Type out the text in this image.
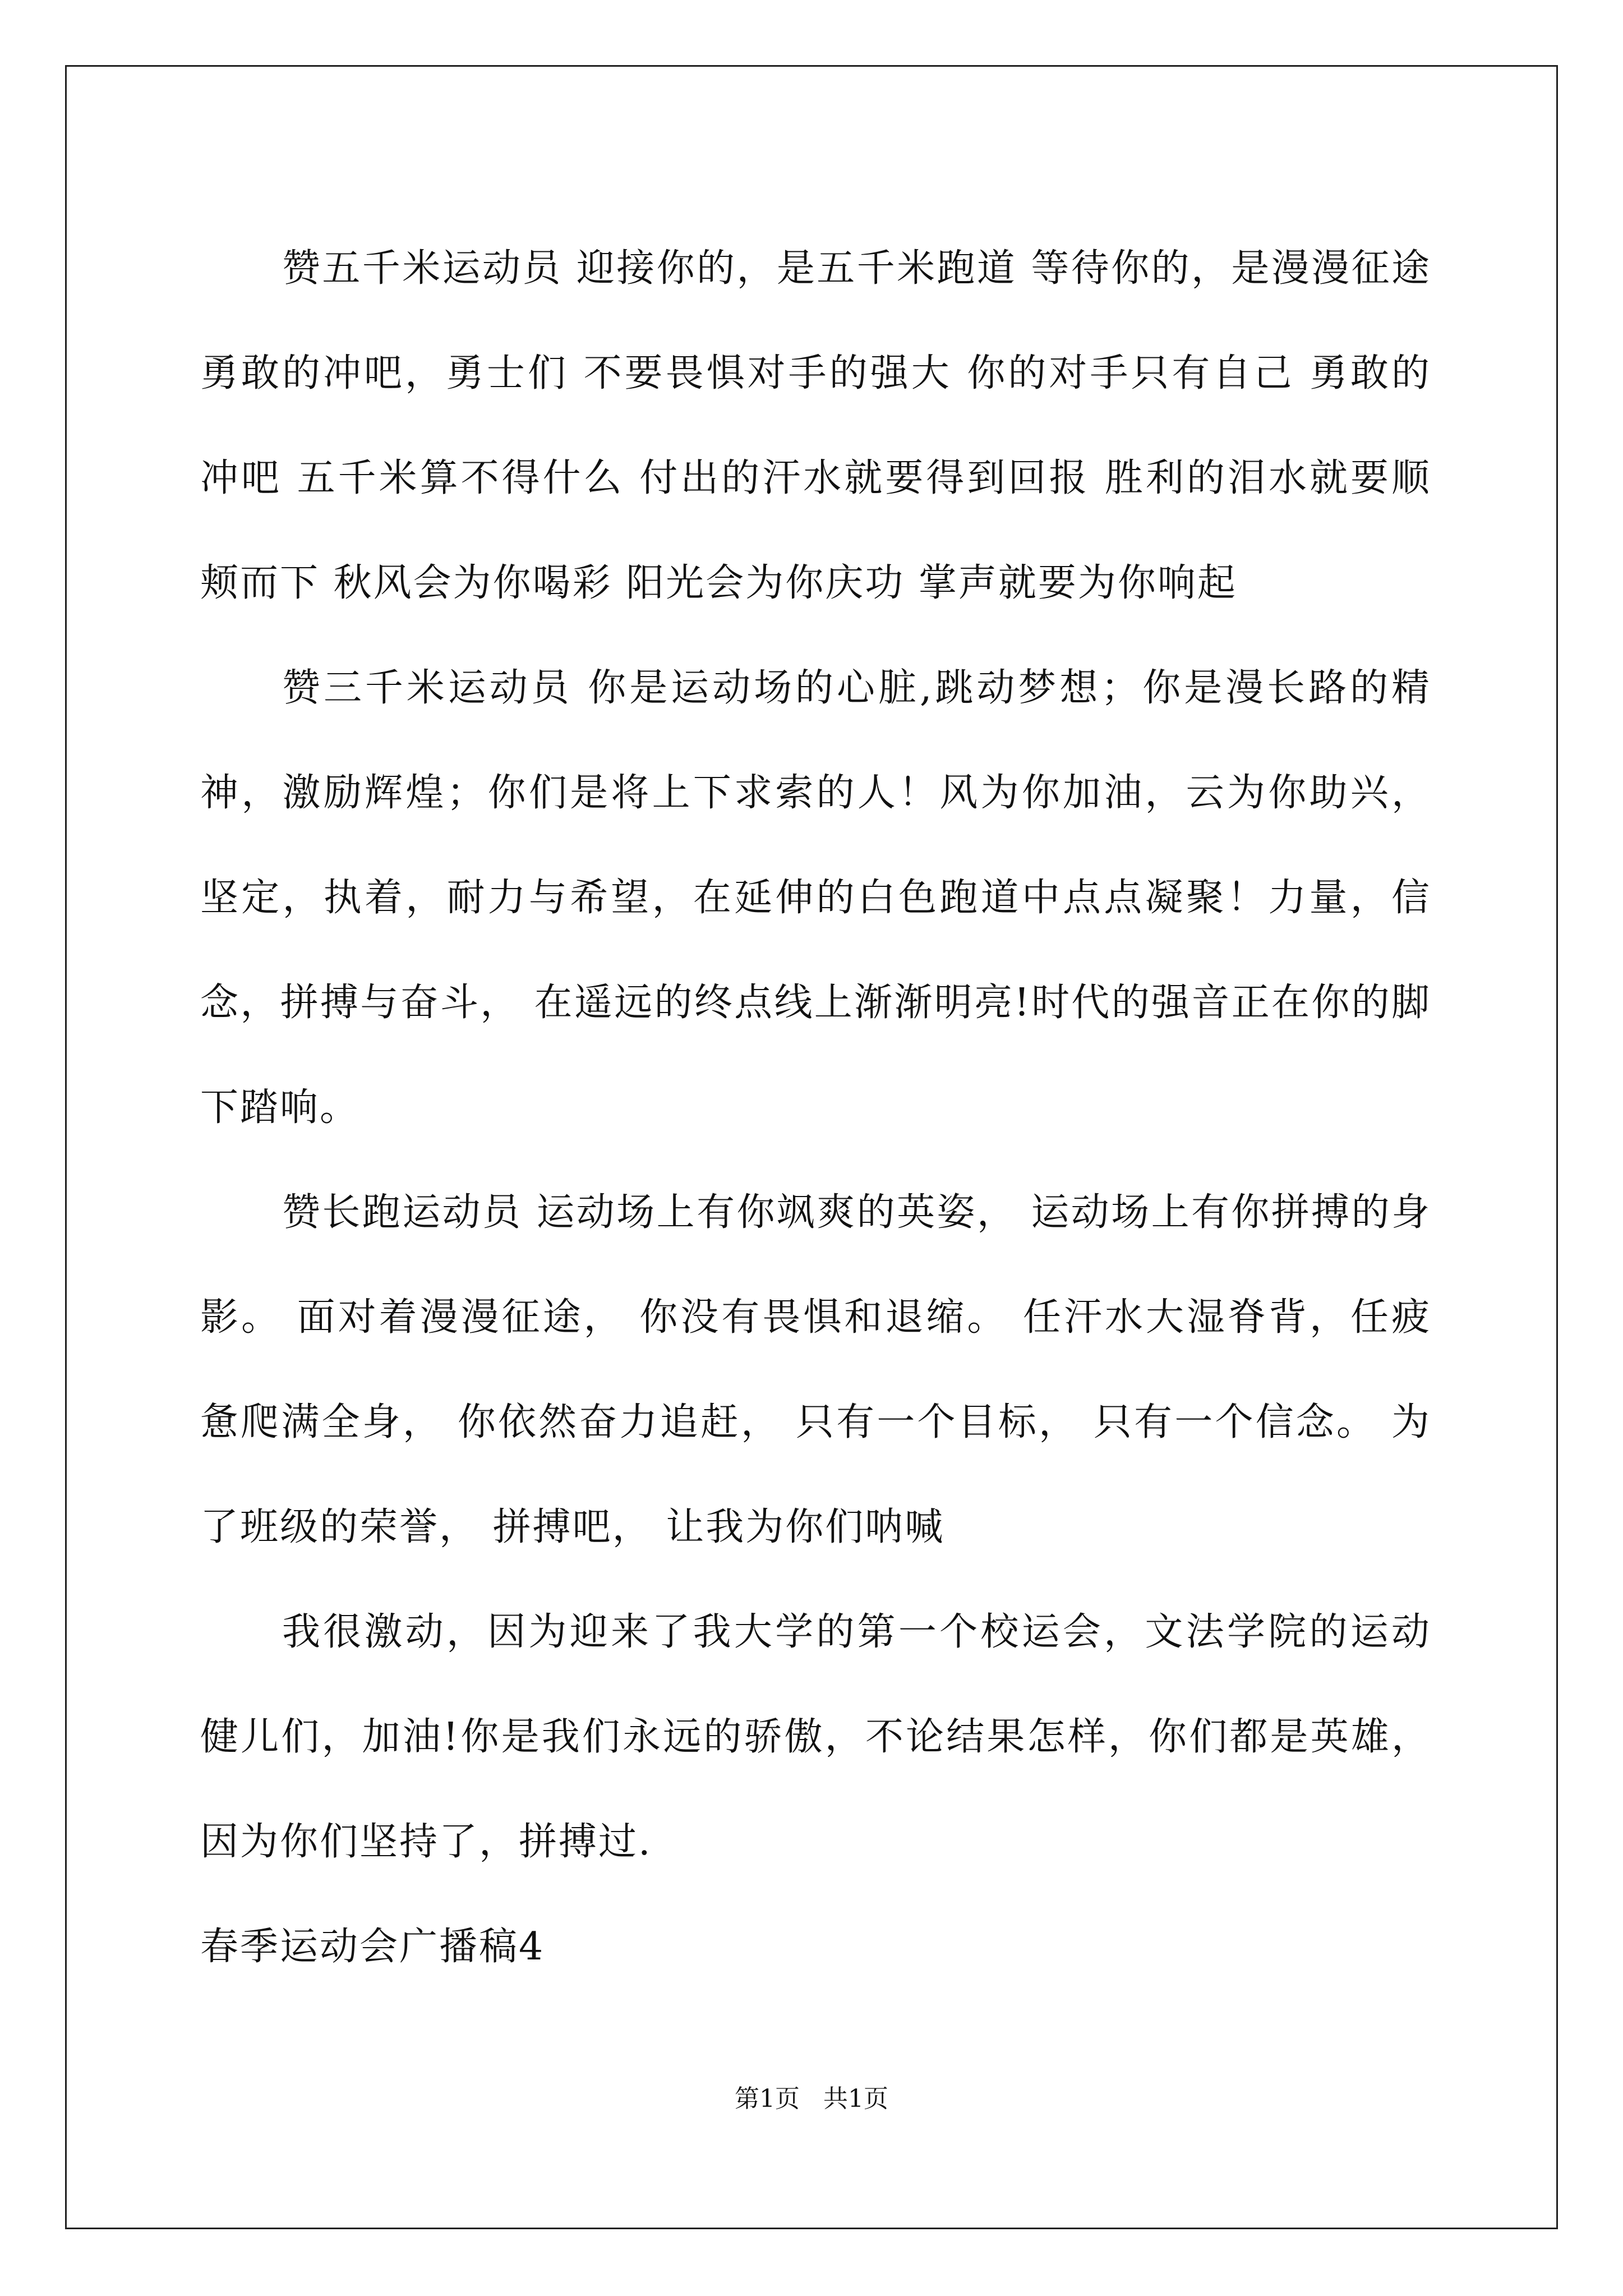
赞五千米运动员 迎接你的，是五千米跑道 等待你的，是漫漫征途 勇敢的冲吧，勇士们 不要畏惧对手的强大 你的对手只有自己 勇敢的冲吧 五千米算不得什么 付出的汗水就要得到回报 胜利的泪水就要顺颊而下 秋风会为你喝彩 阳光会为你庆功 掌声就要为你响起

赞三千米运动员 你是运动场的心脏,跳动梦想；你是漫长路的精神，激励辉煌；你们是将上下求索的人！风为你加油，云为你助兴，坚定，执着，耐力与希望，在延伸的白色跑道中点点凝聚！力量，信念，拼搏与奋斗， 在遥远的终点线上渐渐明亮!时代的强音正在你的脚下踏响。

赞长跑运动员 运动场上有你飒爽的英姿， 运动场上有你拼搏的身影。 面对着漫漫征途， 你没有畏惧和退缩。 任汗水大湿脊背，任疲惫爬满全身， 你依然奋力追赶， 只有一个目标， 只有一个信念。 为了班级的荣誉， 拼搏吧， 让我为你们呐喊

我很激动，因为迎来了我大学的第一个校运会，文法学院的运动健儿们，加油!你是我们永远的骄傲，不论结果怎样，你们都是英雄，因为你们坚持了，拼搏过.

春季运动会广播稿4

第1页   共1页
